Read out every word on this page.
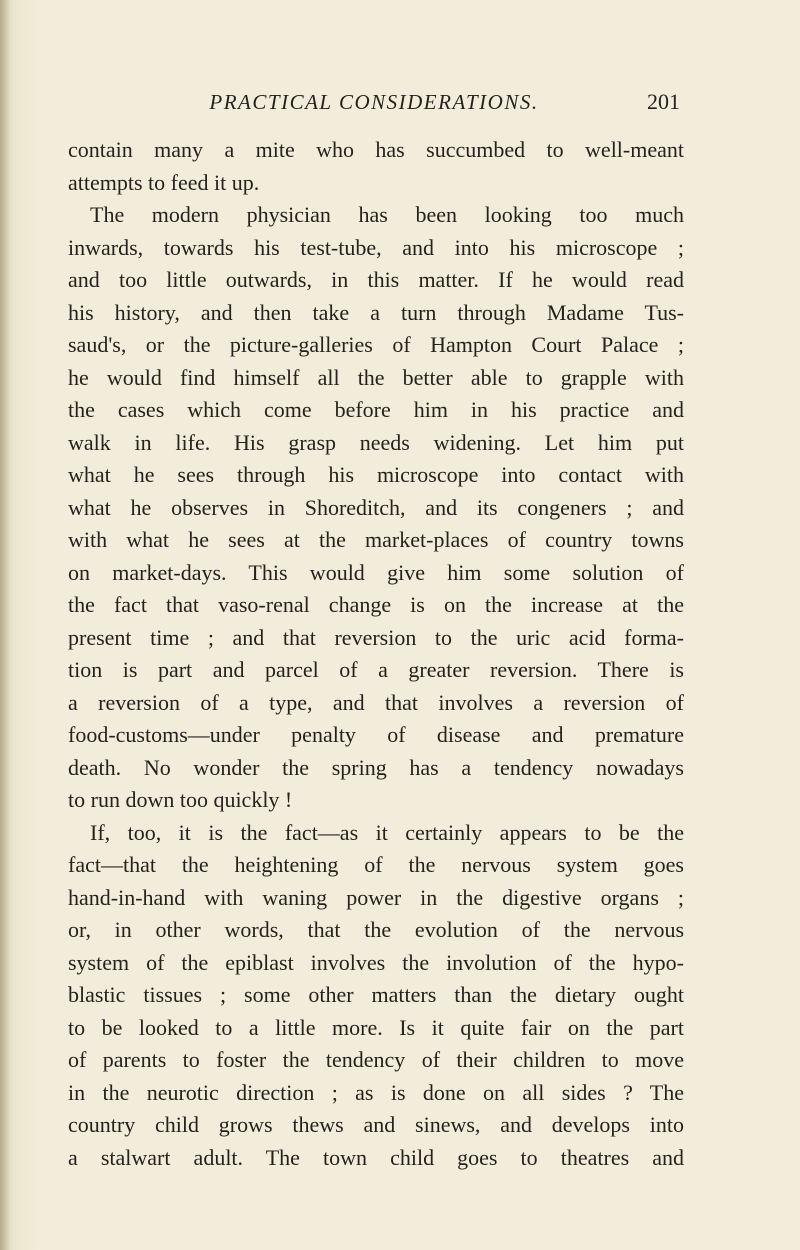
PRACTICAL CONSIDERATIONS.	201
contain many a mite who has succumbed to well-meant
attempts to feed it up.
The modern physician has been looking too much
inwards, towards his test-tube, and into his microscope ;
and too little outwards, in this matter. If he would read
his history, and then take a turn through Madame Tus-
saud's, or the picture-galleries of Hampton Court Palace ;
he would find himself all the better able to grapple with
the cases which come before him in his practice and
walk in life. His grasp needs widening. Let him put
what he sees through his microscope into contact with
what he observes in Shoreditch, and its congeners ; and
with what he sees at the market-places of country towns
on market-days. This would give him some solution of
the fact that vaso-renal change is on the increase at the
present time ; and that reversion to the uric acid forma-
tion is part and parcel of a greater reversion. There is
a reversion of a type, and that involves a reversion of
food-customs—under penalty of disease and premature
death. No wonder the spring has a tendency nowadays
to run down too quickly !
If, too, it is the fact—as it certainly appears to be the
fact—that the heightening of the nervous system goes
hand-in-hand with waning power in the digestive organs ;
or, in other words, that the evolution of the nervous
system of the epiblast involves the involution of the hypo-
blastic tissues ; some other matters than the dietary ought
to be looked to a little more. Is it quite fair on the part
of parents to foster the tendency of their children to move
in the neurotic direction ; as is done on all sides ? The
country child grows thews and sinews, and develops into
a stalwart adult. The town child goes to theatres and
